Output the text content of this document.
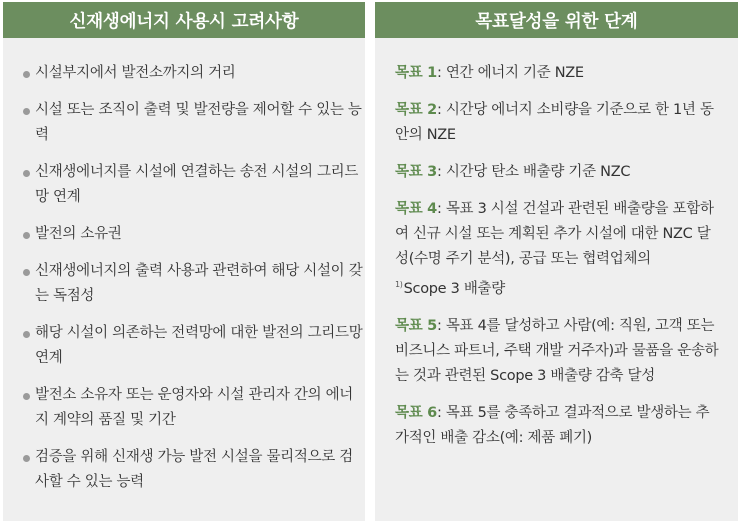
신재생에너지 사용시 고려사항
시설부지에서 발전소까지의 거리
시설 또는 조직이 출력 및 발전량을 제어할 수 있는 능력
신재생에너지를 시설에 연결하는 송전 시설의 그리드망 연계
발전의 소유권
신재생에너지의 출력 사용과 관련하여 해당 시설이 갖는 독점성
해당 시설이 의존하는 전력망에 대한 발전의 그리드망 연계
발전소 소유자 또는 운영자와 시설 관리자 간의 에너지 계약의 품질 및 기간
검증을 위해 신재생 가능 발전 시설을 물리적으로 검사할 수 있는 능력
목표달성을 위한 단계
목표 1: 연간 에너지 기준 NZE
목표 2: 시간당 에너지 소비량을 기준으로 한 1년 동안의 NZE
목표 3: 시간당 탄소 배출량 기준 NZC
목표 4: 목표 3 시설 건설과 관련된 배출량을 포함하여 신규 시설 또는 계획된 추가 시설에 대한 NZC 달성(수명 주기 분석), 공급 또는 협력업체의
$^{1)}$Scope 3 배출량
목표 5: 목표 4를 달성하고 사람(예: 직원, 고객 또는 비즈니스 파트너, 주택 개발 거주자)과 물품을 운송하는 것과 관련된 Scope 3 배출량 감축 달성
목표 6: 목표 5를 충족하고 결과적으로 발생하는 추가적인 배출 감소(예: 제품 폐기)
